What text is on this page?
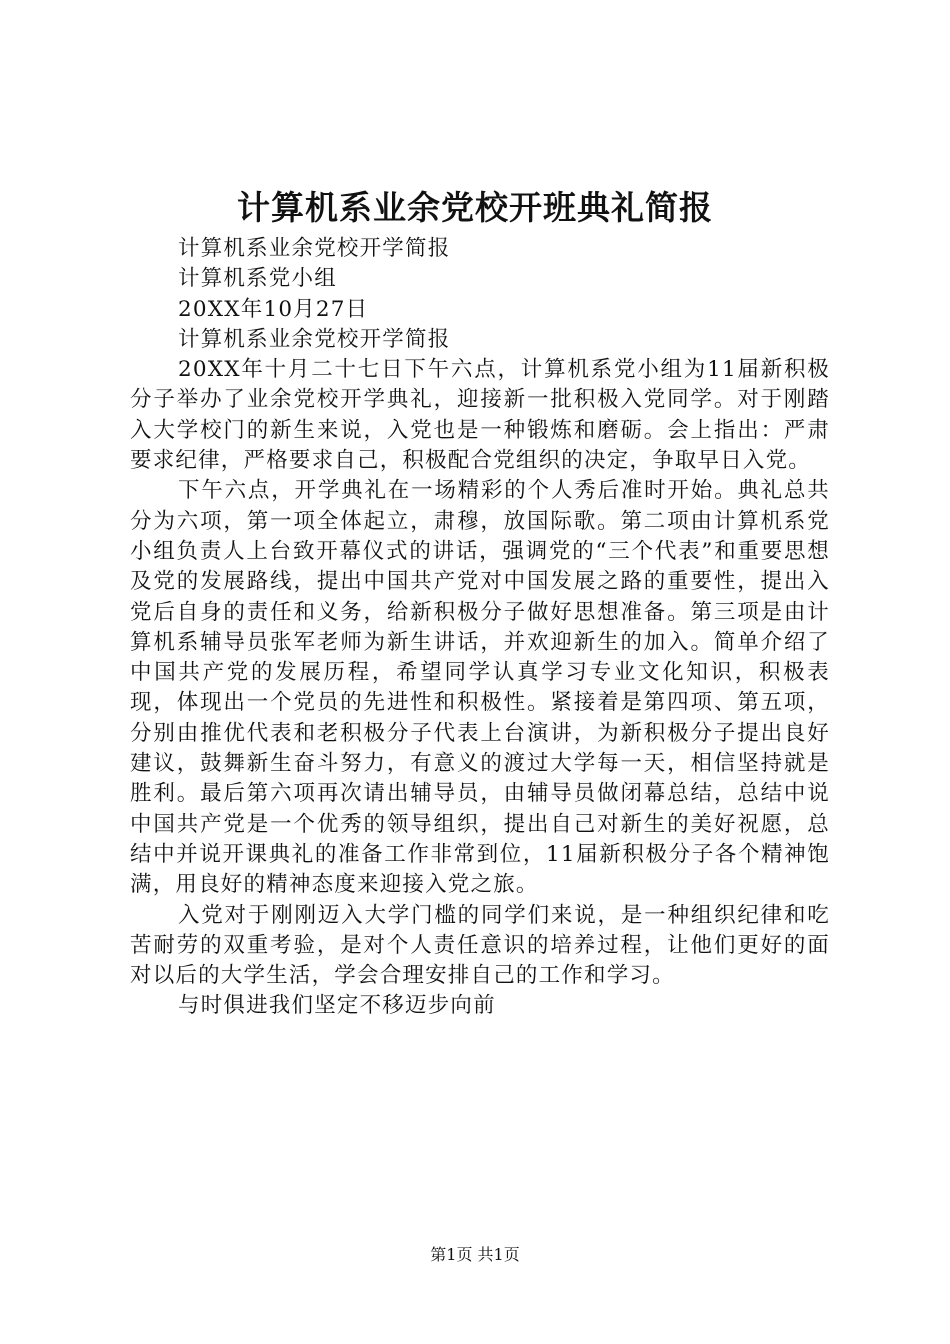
计算机系业余党校开班典礼简报

计算机系业余党校开学简报

计算机系党小组

20XX年10月27日

计算机系业余党校开学简报

20XX年十月二十七日下午六点，计算机系党小组为11届新积极分子举办了业余党校开学典礼，迎接新一批积极入党同学。对于刚踏入大学校门的新生来说，入党也是一种锻炼和磨砺。会上指出：严肃要求纪律，严格要求自己，积极配合党组织的决定，争取早日入党。

下午六点，开学典礼在一场精彩的个人秀后准时开始。典礼总共分为六项，第一项全体起立，肃穆，放国际歌。第二项由计算机系党小组负责人上台致开幕仪式的讲话，强调党的“三个代表”和重要思想及党的发展路线，提出中国共产党对中国发展之路的重要性，提出入党后自身的责任和义务，给新积极分子做好思想准备。第三项是由计算机系辅导员张军老师为新生讲话，并欢迎新生的加入。简单介绍了中国共产党的发展历程，希望同学认真学习专业文化知识，积极表现，体现出一个党员的先进性和积极性。紧接着是第四项、第五项，分别由推优代表和老积极分子代表上台演讲，为新积极分子提出良好建议，鼓舞新生奋斗努力，有意义的渡过大学每一天，相信坚持就是胜利。最后第六项再次请出辅导员，由辅导员做闭幕总结，总结中说中国共产党是一个优秀的领导组织，提出自己对新生的美好祝愿，总结中并说开课典礼的准备工作非常到位，11届新积极分子各个精神饱满，用良好的精神态度来迎接入党之旅。

入党对于刚刚迈入大学门槛的同学们来说，是一种组织纪律和吃苦耐劳的双重考验，是对个人责任意识的培养过程，让他们更好的面对以后的大学生活，学会合理安排自己的工作和学习。

与时俱进我们坚定不移迈步向前

第1页 共1页
